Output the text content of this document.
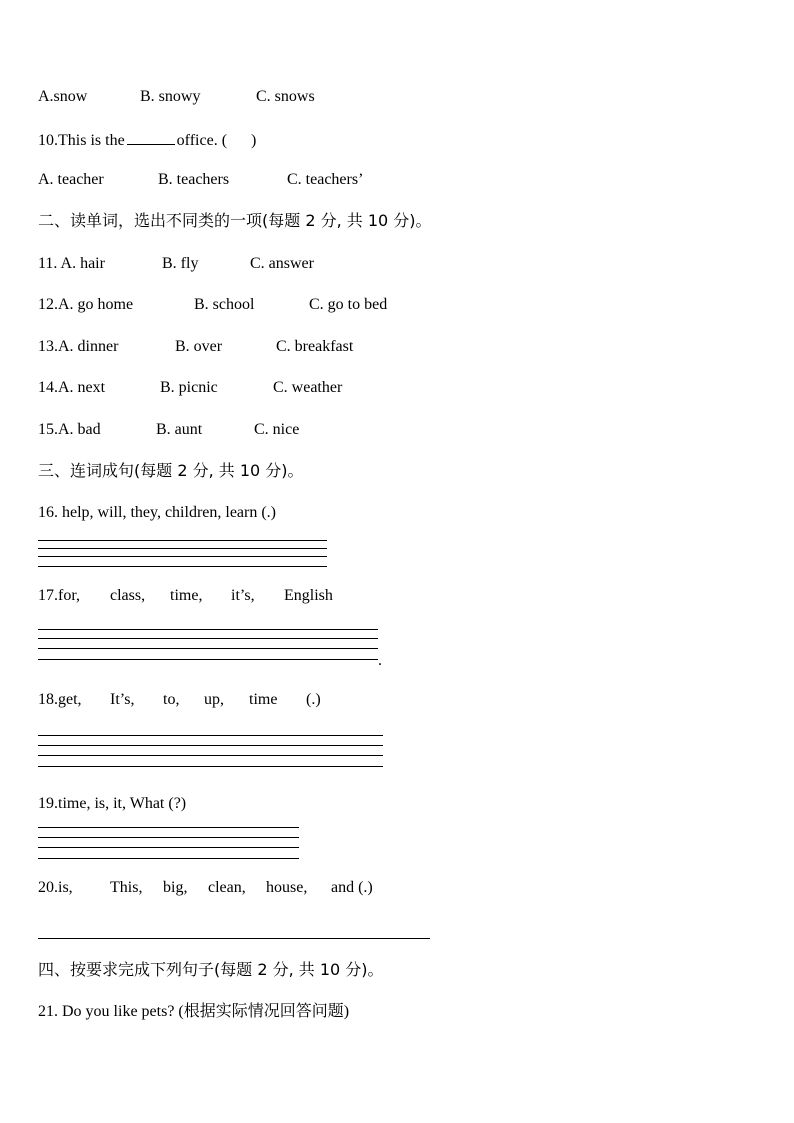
A.snow	B. snowy	C. snows
10.This is the	office. ( )
A. teacher	B. teachers	C. teachers’
二、读单词，选出不同类的一项(每题 2 分, 共 10 分)。
11. A. hair	B. fly	C. answer
12.A. go home	B. school	C. go to bed
13.A. dinner	B. over	C. breakfast
14.A. next	B. picnic	C. weather
15.A. bad	B. aunt	C. nice
三、连词成句(每题 2 分, 共 10 分)。
16. help, will, they, children, learn (.)
17.for, class, time, it’s, English
.
18.get, It’s, to, up, time (.)
19.time, is, it, What (?)
20.is, This, big, clean, house, and (.)
四、按要求完成下列句子(每题 2 分, 共 10 分)。
21. Do you like pets? (根据实际情况回答问题)
